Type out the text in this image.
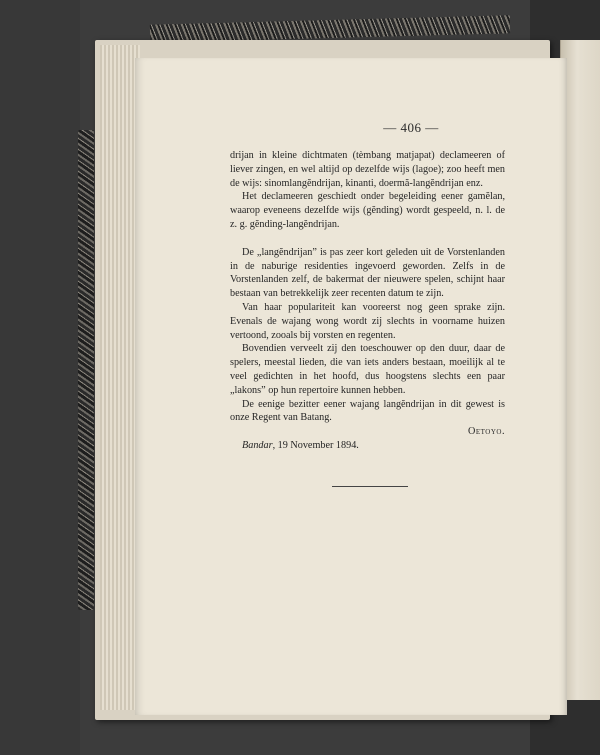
— 406 —

drijan in kleine dichtmaten (tèmbang matjapat) declameeren of liever zingen, en wel altijd op dezelfde wijs (lagoe); zoo heeft men de wijs: sinomlangĕndrijan, kinanti, doermă-langĕndrijan enz.

Het declameeren geschiedt onder begeleiding eener gamĕlan, waarop eveneens dezelfde wijs (gĕnding) wordt gespeeld, n. l. de z. g. gĕnding-langĕndrijan.

De „langĕndrijan” is pas zeer kort geleden uit de Vorstenlanden in de naburige residenties ingevoerd geworden. Zelfs in de Vorstenlanden zelf, de bakermat der nieuwere spelen, schijnt haar bestaan van betrekkelijk zeer recenten datum te zijn.

Van haar populariteit kan vooreerst nog geen sprake zijn. Evenals de wajang wong wordt zij slechts in voorname huizen vertoond, zooals bij vorsten en regenten.

Bovendien verveelt zij den toeschouwer op den duur, daar de spelers, meestal lieden, die van iets anders bestaan, moeilijk al te veel gedichten in het hoofd, dus hoogstens slechts een paar „lakons” op hun repertoire kunnen hebben.

De eenige bezitter eener wajang langĕndrijan in dit gewest is onze Regent van Batang.

Oetoyo.

Bandar, 19 November 1894.
